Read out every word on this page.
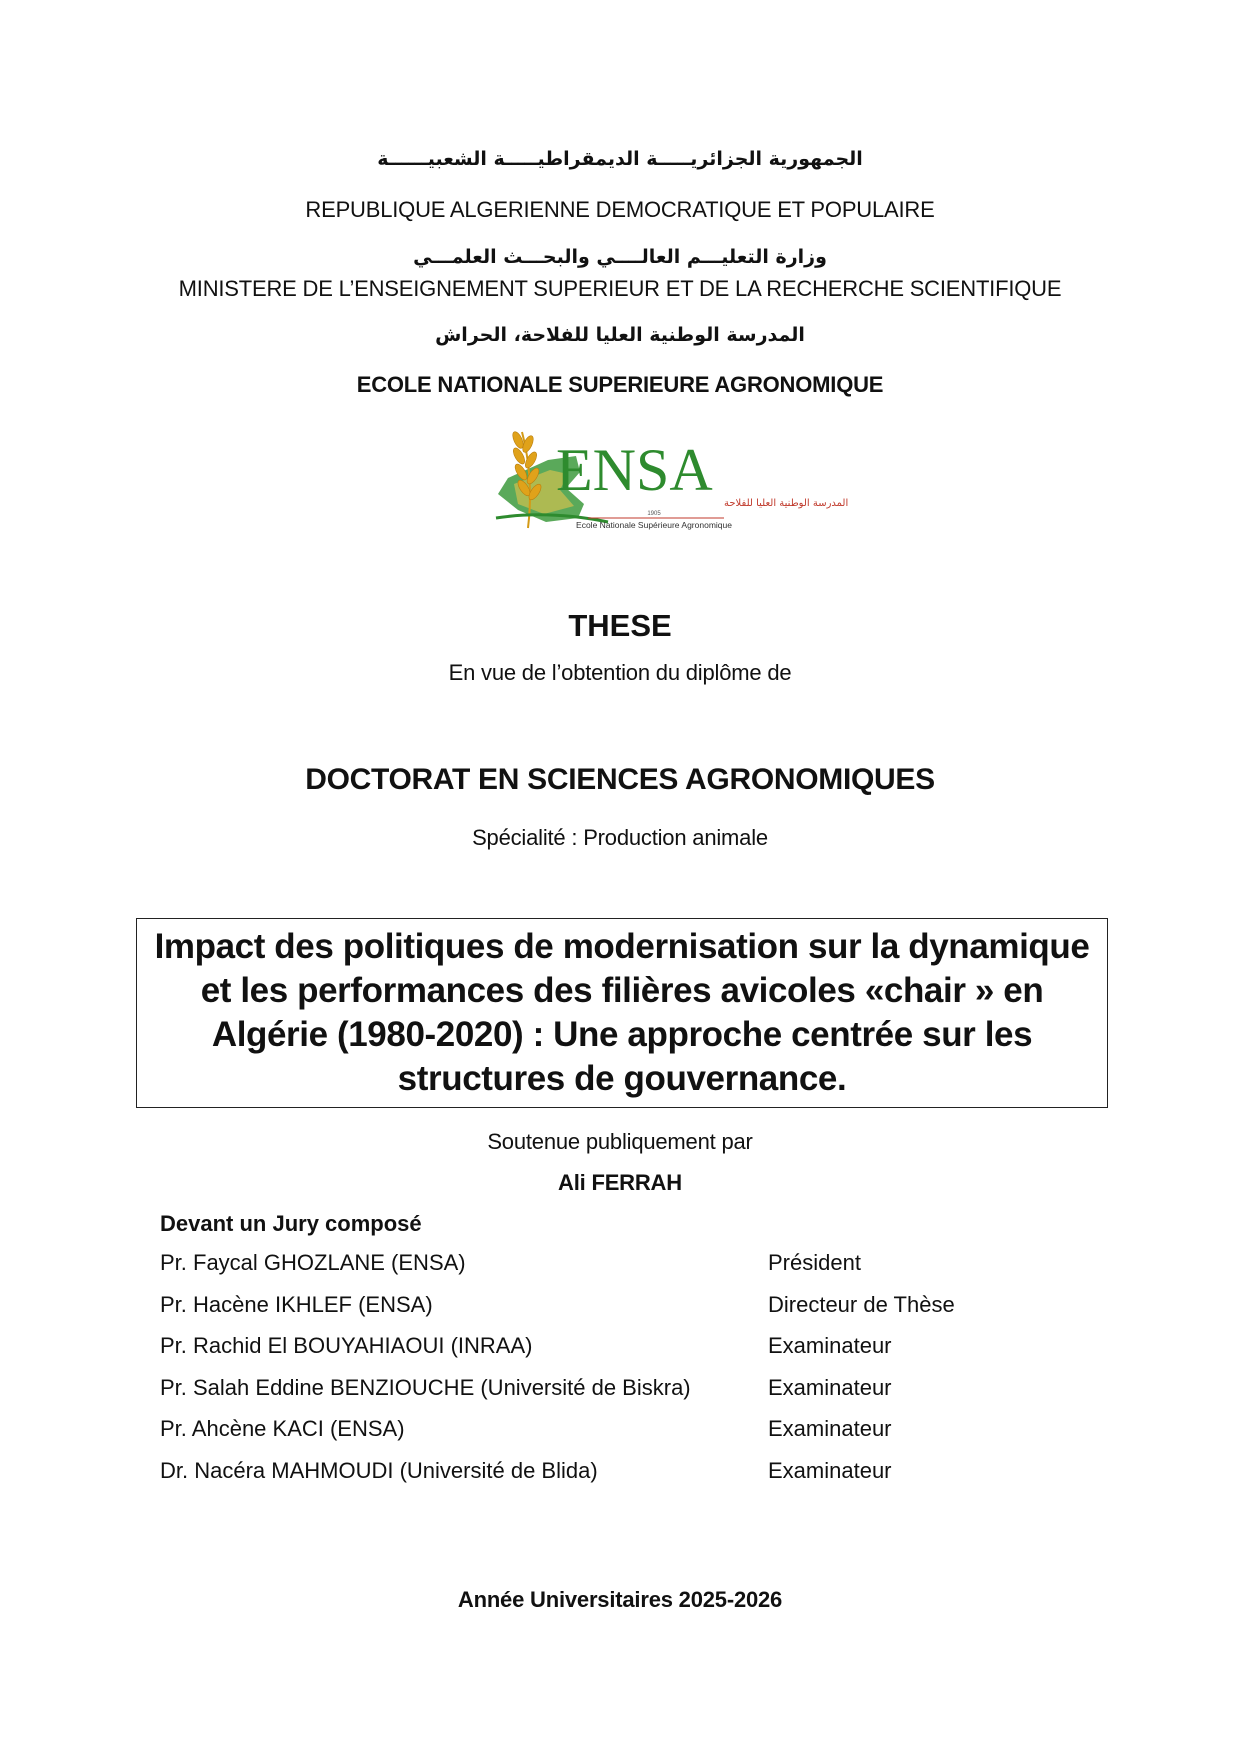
الجمهورية الجزائريـــــة الديمقراطيـــــة الشعبيــــــة
REPUBLIQUE ALGERIENNE DEMOCRATIQUE ET POPULAIRE
وزارة التعليـــم العالــــي والبحـــث العلمـــي
MINISTERE DE L’ENSEIGNEMENT SUPERIEUR ET DE LA RECHERCHE SCIENTIFIQUE
المدرسة الوطنية العليا للفلاحة، الحراش
ECOLE NATIONALE SUPERIEURE AGRONOMIQUE
ENSA
المدرسة الوطنية العليا للفلاحة
1905
Ecole Nationale Supérieure Agronomique
THESE
En vue de l’obtention du diplôme de
DOCTORAT EN SCIENCES AGRONOMIQUES
Spécialité : Production animale
Impact des politiques de modernisation sur la dynamique et les performances des filières avicoles «chair » en Algérie (1980-2020) : Une approche centrée sur les structures de gouvernance.
Soutenue publiquement par
Ali FERRAH
Devant un Jury composé
Pr. Faycal GHOZLANE (ENSA)	Président
Pr. Hacène IKHLEF (ENSA)	Directeur de Thèse
Pr. Rachid El BOUYAHIAOUI (INRAA)	Examinateur
Pr. Salah Eddine BENZIOUCHE (Université de Biskra)	Examinateur
Pr. Ahcène KACI (ENSA)	Examinateur
Dr. Nacéra MAHMOUDI (Université de Blida)	Examinateur
Année Universitaires 2025-2026
